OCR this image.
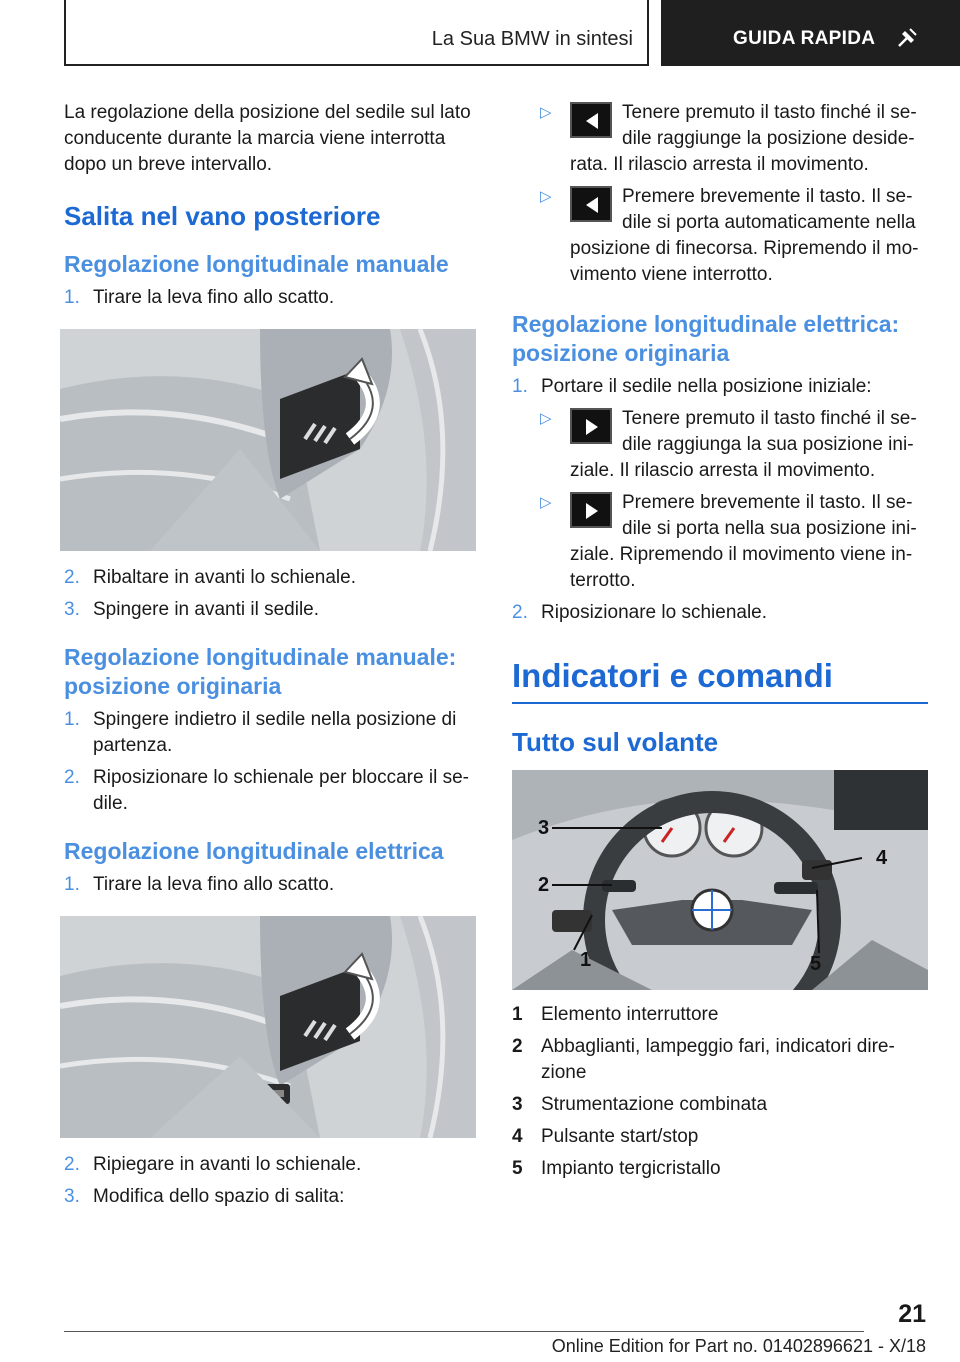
La Sua BMW in sintesi	GUIDA RAPIDA

La regolazione della posizione del sedile sul lato conducente durante la marcia viene interrotta dopo un breve intervallo.

Salita nel vano posteriore
Regolazione longitudinale manuale
1. Tirare la leva fino allo scatto.
2. Ribaltare in avanti lo schienale.
3. Spingere in avanti il sedile.
Regolazione longitudinale manuale: posizione originaria
1. Spingere indietro il sedile nella posizione di partenza.
2. Riposizionare lo schienale per bloccare il sedile.
Regolazione longitudinale elettrica
1. Tirare la leva fino allo scatto.
2. Ripiegare in avanti lo schienale.
3. Modifica dello spazio di salita:
▷	Tenere premuto il tasto finché il sedile raggiunge la posizione desiderata. Il rilascio arresta il movimento.
▷	Premere brevemente il tasto. Il sedile si porta automaticamente nella posizione di finecorsa. Ripremendo il movimento viene interrotto.
Regolazione longitudinale elettrica: posizione originaria
1. Portare il sedile nella posizione iniziale:
▷	Tenere premuto il tasto finché il sedile raggiunga la sua posizione iniziale. Il rilascio arresta il movimento.
▷	Premere brevemente il tasto. Il sedile si porta nella sua posizione iniziale. Ripremendo il movimento viene interrotto.
2. Riposizionare lo schienale.
Indicatori e comandi
Tutto sul volante
3
2
1
4
5
1 Elemento interruttore
2 Abbaglianti, lampeggio fari, indicatori direzione
3 Strumentazione combinata
4 Pulsante start/stop
5 Impianto tergicristallo
21
Online Edition for Part no. 01402896621 - X/18
